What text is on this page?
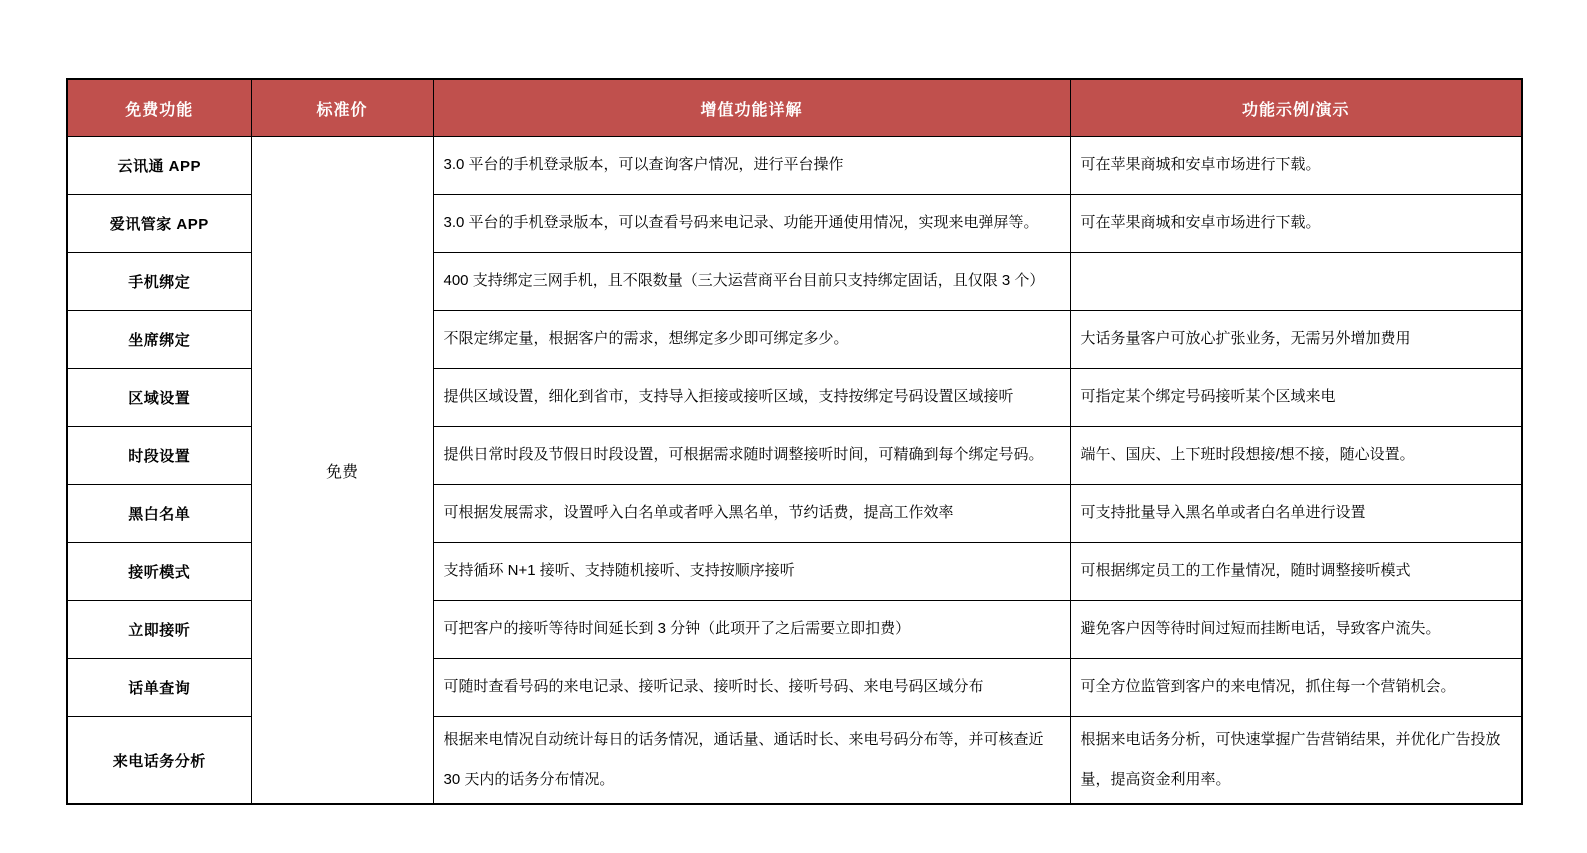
免费功能	标准价	增值功能详解	功能示例/演示
云讯通 APP	免费	3.0 平台的手机登录版本，可以查询客户情况，进行平台操作	可在苹果商城和安卓市场进行下载。
爱讯管家 APP		3.0 平台的手机登录版本，可以查看号码来电记录、功能开通使用情况，实现来电弹屏等。	可在苹果商城和安卓市场进行下载。
手机绑定		400 支持绑定三网手机，且不限数量（三大运营商平台目前只支持绑定固话，且仅限 3 个）	
坐席绑定		不限定绑定量，根据客户的需求，想绑定多少即可绑定多少。	大话务量客户可放心扩张业务，无需另外增加费用
区域设置		提供区域设置，细化到省市，支持导入拒接或接听区域，支持按绑定号码设置区域接听	可指定某个绑定号码接听某个区域来电
时段设置		提供日常时段及节假日时段设置，可根据需求随时调整接听时间，可精确到每个绑定号码。	端午、国庆、上下班时段想接/想不接，随心设置。
黑白名单		可根据发展需求，设置呼入白名单或者呼入黑名单，节约话费，提高工作效率	可支持批量导入黑名单或者白名单进行设置
接听模式		支持循环 N+1 接听、支持随机接听、支持按顺序接听	可根据绑定员工的工作量情况，随时调整接听模式
立即接听		可把客户的接听等待时间延长到 3 分钟（此项开了之后需要立即扣费）	避免客户因等待时间过短而挂断电话，导致客户流失。
话单查询		可随时查看号码的来电记录、接听记录、接听时长、接听号码、来电号码区域分布	可全方位监管到客户的来电情况，抓住每一个营销机会。
来电话务分析		根据来电情况自动统计每日的话务情况，通话量、通话时长、来电号码分布等，并可核查近 30 天内的话务分布情况。	根据来电话务分析，可快速掌握广告营销结果，并优化广告投放量，提高资金利用率。
